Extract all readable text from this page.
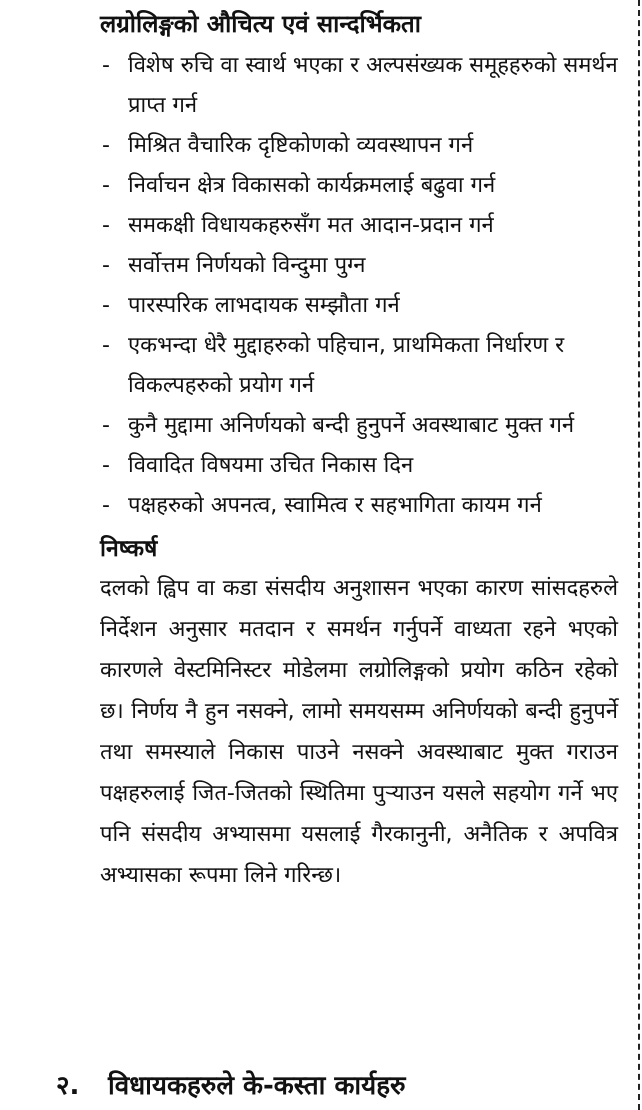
लग्रोलिङ्गको औचित्य एवं सान्दर्भिकता
- विशेष रुचि वा स्वार्थ भएका र अल्पसंख्यक समूहहरुको समर्थन प्राप्त गर्न
- मिश्रित वैचारिक दृष्टिकोणको व्यवस्थापन गर्न
- निर्वाचन क्षेत्र विकासको कार्यक्रमलाई बढुवा गर्न
- समकक्षी विधायकहरुसँग मत आदान-प्रदान गर्न
- सर्वोत्तम निर्णयको विन्दुमा पुग्न
- पारस्परिक लाभदायक सम्झौता गर्न
- एकभन्दा धेरै मुद्दाहरुको पहिचान, प्राथमिकता निर्धारण र विकल्पहरुको प्रयोग गर्न
- कुनै मुद्दामा अनिर्णयको बन्दी हुनुपर्ने अवस्थाबाट मुक्त गर्न
- विवादित विषयमा उचित निकास दिन
- पक्षहरुको अपनत्व, स्वामित्व र सहभागिता कायम गर्न
निष्कर्ष

दलको ह्विप वा कडा संसदीय अनुशासन भएका कारण सांसदहरुले निर्देशन अनुसार मतदान र समर्थन गर्नुपर्ने वाध्यता रहने भएको कारणले वेस्टमिनिस्टर मोडेलमा लग्रोलिङ्गको प्रयोग कठिन रहेको छ। निर्णय नै हुन नसक्ने, लामो समयसम्म अनिर्णयको बन्दी हुनुपर्ने तथा समस्याले निकास पाउने नसक्ने अवस्थाबाट मुक्त गराउन पक्षहरुलाई जित-जितको स्थितिमा पुर्‍याउन यसले सहयोग गर्ने भए पनि संसदीय अभ्यासमा यसलाई गैरकानुनी, अनैतिक र अपवित्र अभ्यासका रूपमा लिने गरिन्छ।

२. विधायकहरुले के-कस्ता कार्यहरु
